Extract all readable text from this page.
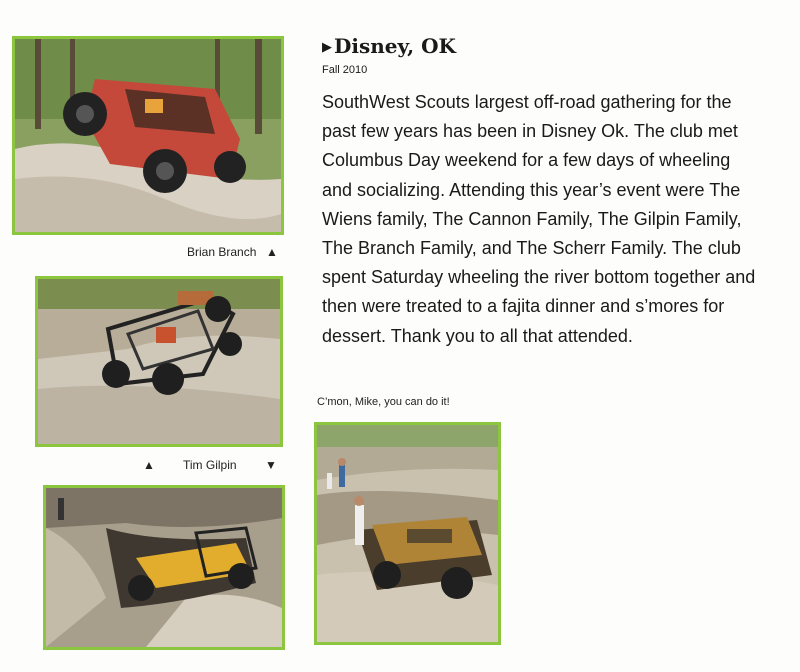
Brian Branch ▲
▲ Tim Gilpin ▼
▶ Disney, OK
Fall 2010

SouthWest Scouts largest off-road gathering for the past few years has been in Disney Ok. The club met Columbus Day weekend for a few days of wheeling and socializing. Attending this year’s event were The Wiens family, The Cannon Family, The Gilpin Family, The Branch Family, and The Scherr Family. The club spent Saturday wheeling the river bottom together and then were treated to a fajita dinner and s’mores for dessert. Thank you to all that attended.

C’mon, Mike, you can do it!
